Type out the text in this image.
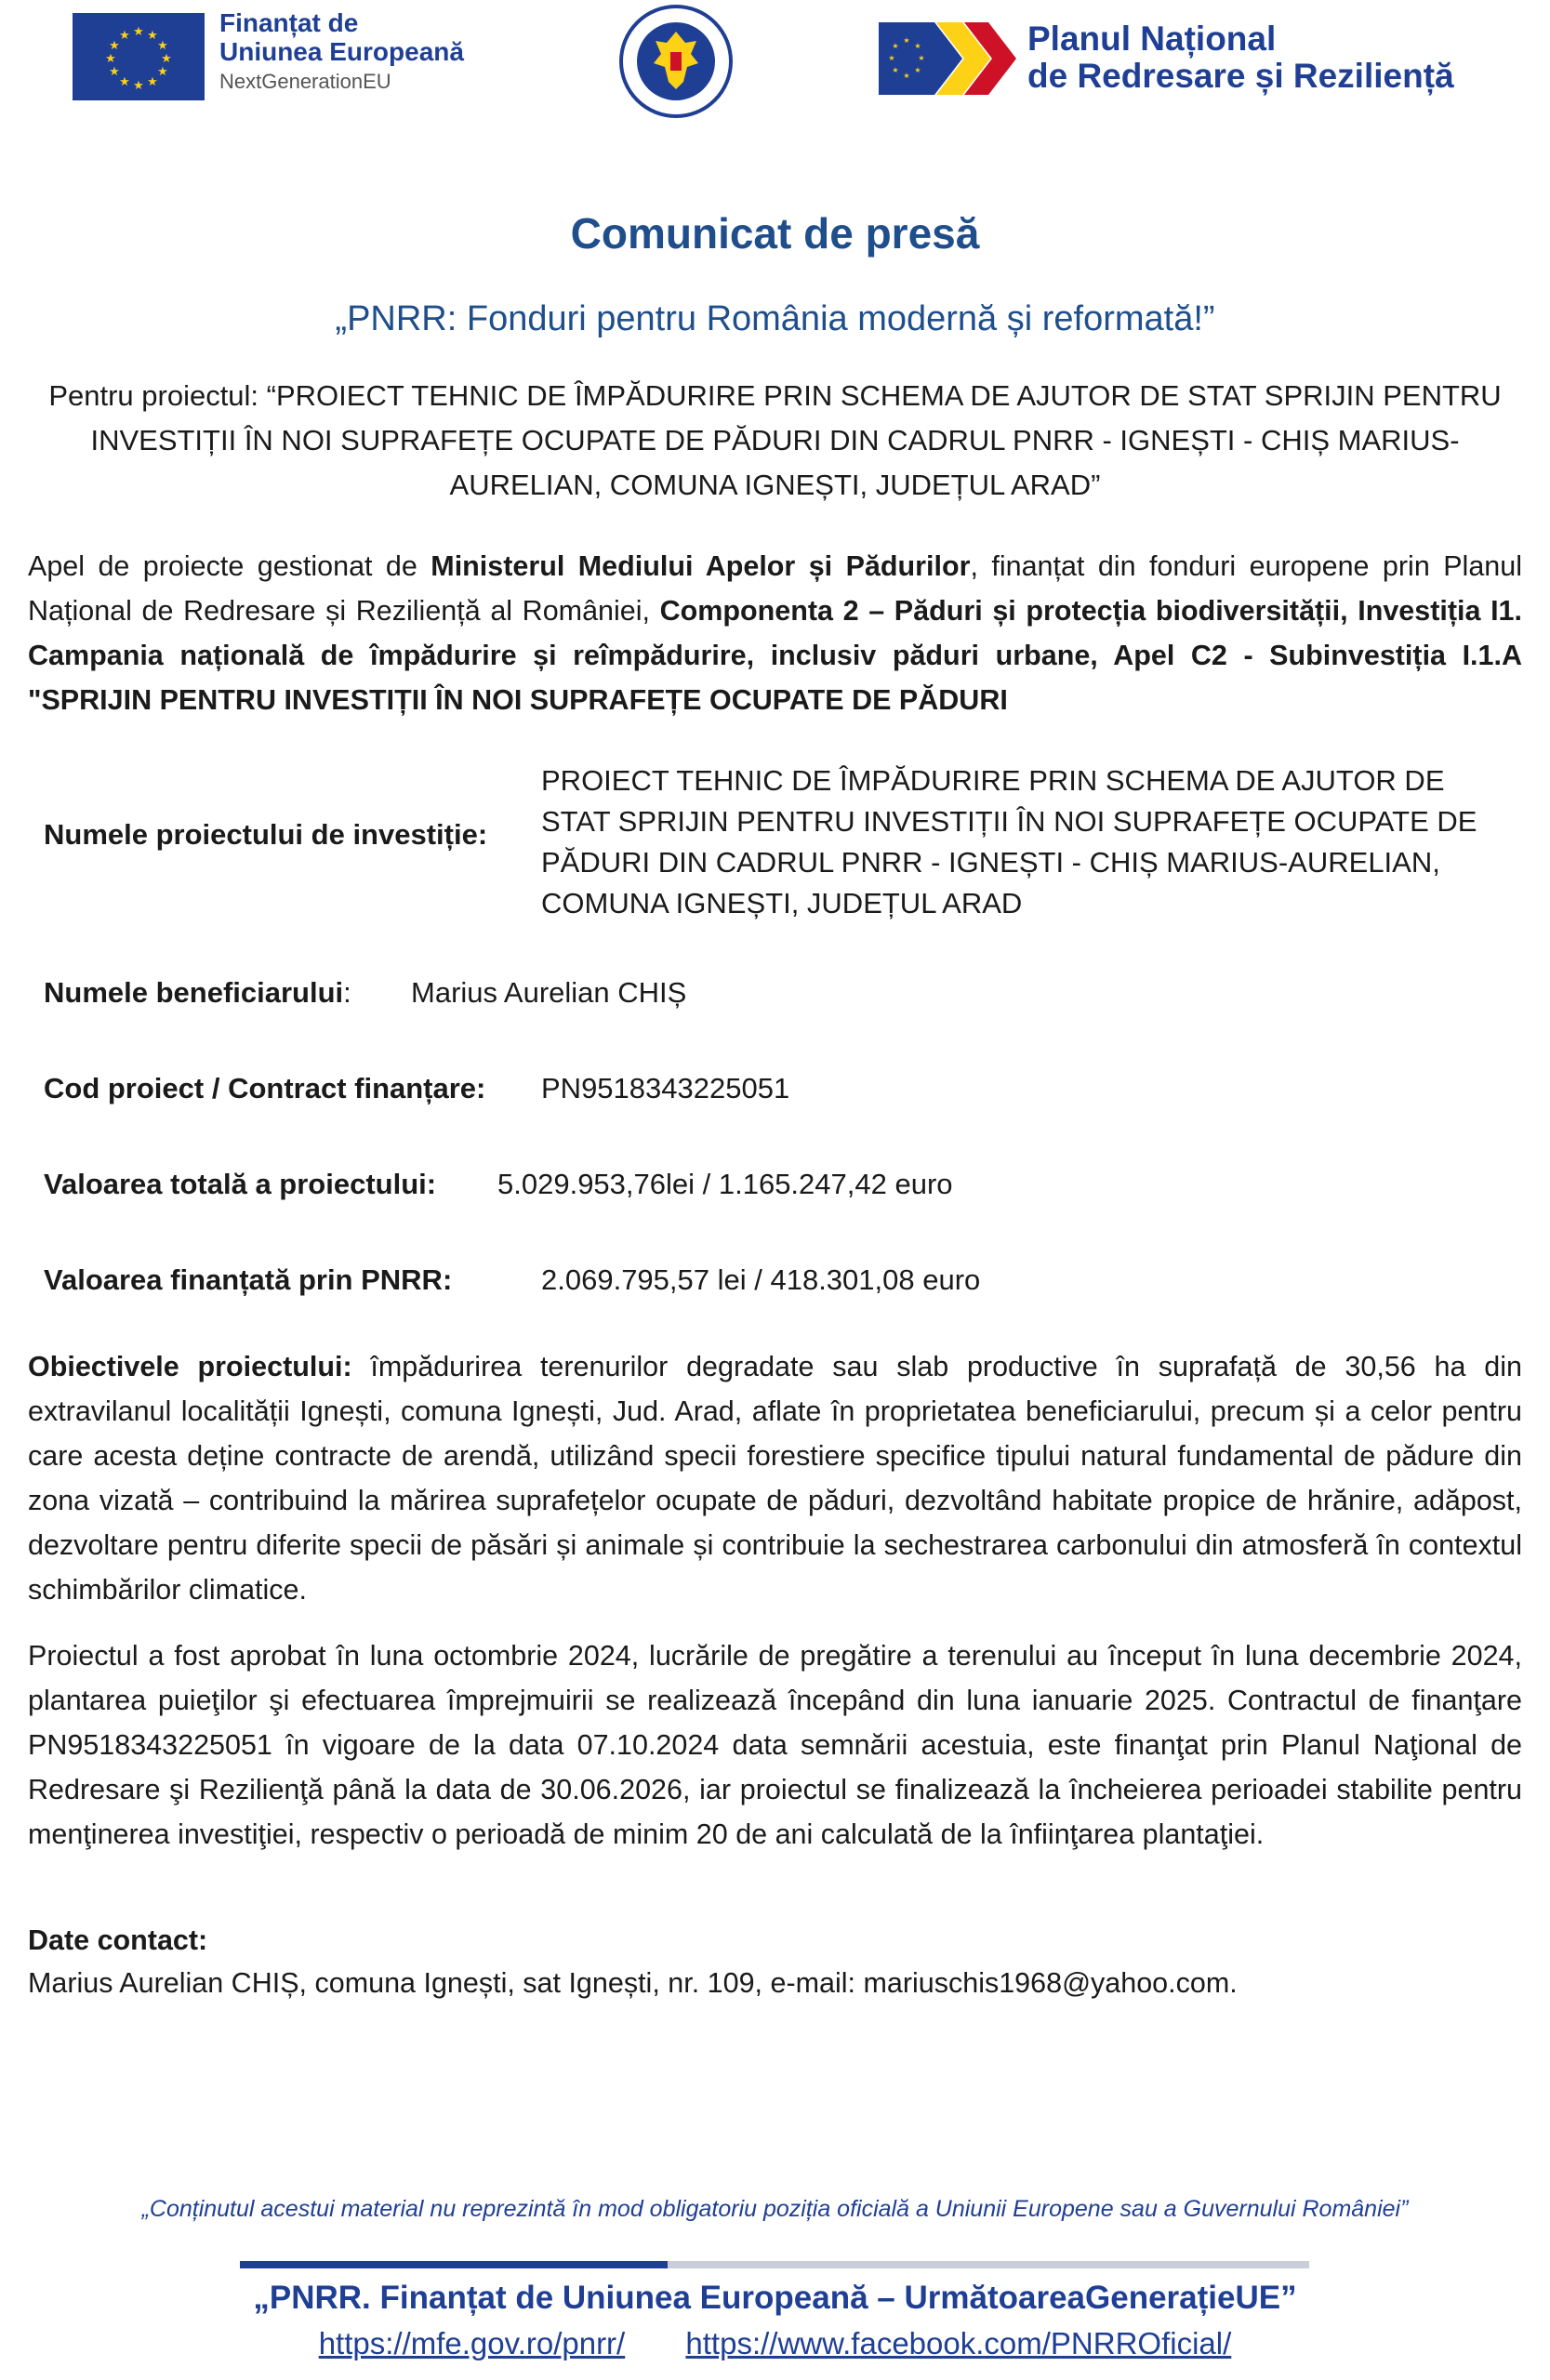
★ ★
★
★
★
★
★
★
★
★
★
★	Finanțat de
Uniunea Europeană
NextGenerationEU
★
★
★
★
★
★
★
★	Planul Național
de Redresare și Reziliență
Comunicat de presă
„PNRR: Fonduri pentru România modernă și reformată!”
Pentru proiectul: “PROIECT TEHNIC DE ÎMPĂDURIRE PRIN SCHEMA DE AJUTOR DE STAT SPRIJIN PENTRU INVESTIȚII ÎN NOI SUPRAFEȚE OCUPATE DE PĂDURI DIN CADRUL PNRR - IGNEȘTI - CHIȘ MARIUS-AURELIAN, COMUNA IGNEȘTI, JUDEȚUL ARAD”
Apel de proiecte gestionat de Ministerul Mediului Apelor și Pădurilor, finanțat din fonduri europene prin Planul Național de Redresare și Reziliență al României, Componenta 2 – Păduri și protecția biodiversității, Investiția I1. Campania națională de împădurire și reîmpădurire, inclusiv păduri urbane, Apel C2 - Subinvestiția I.1.A "SPRIJIN PENTRU INVESTIȚII ÎN NOI SUPRAFEȚE OCUPATE DE PĂDURI
Numele proiectului de investiție:
PROIECT TEHNIC DE ÎMPĂDURIRE PRIN SCHEMA DE AJUTOR DE STAT SPRIJIN PENTRU INVESTIȚII ÎN NOI SUPRAFEȚE OCUPATE DE PĂDURI DIN CADRUL PNRR - IGNEȘTI - CHIȘ MARIUS-AURELIAN, COMUNA IGNEȘTI, JUDEȚUL ARAD
Numele beneficiarului: Marius Aurelian CHIȘ
Cod proiect / Contract finanțare: PN9518343225051
Valoarea totală a proiectului: 5.029.953,76lei / 1.165.247,42 euro
Valoarea finanțată prin PNRR:	2.069.795,57 lei / 418.301,08 euro
Obiectivele proiectului: împădurirea terenurilor degradate sau slab productive în suprafață de 30,56 ha din extravilanul localității Ignești, comuna Ignești, Jud. Arad, aflate în proprietatea beneficiarului, precum și a celor pentru care acesta deține contracte de arendă, utilizând specii forestiere specifice tipului natural fundamental de pădure din zona vizată – contribuind la mărirea suprafețelor ocupate de păduri, dezvoltând habitate propice de hrănire, adăpost, dezvoltare pentru diferite specii de păsări și animale și contribuie la sechestrarea carbonului din atmosferă în contextul schimbărilor climatice.
Proiectul a fost aprobat în luna octombrie 2024, lucrările de pregătire a terenului au început în luna decembrie 2024, plantarea puieţilor şi efectuarea împrejmuirii se realizează începând din luna ianuarie 2025. Contractul de finanţare PN9518343225051 în vigoare de la data 07.10.2024 data semnării acestuia, este finanţat prin Planul Naţional de Redresare şi Rezilienţă până la data de 30.06.2026, iar proiectul se finalizează la încheierea perioadei stabilite pentru menţinerea investiţiei, respectiv o perioadă de minim 20 de ani calculată de la înfiinţarea plantaţiei.
Date contact:
Marius Aurelian CHIȘ, comuna Ignești, sat Ignești, nr. 109, e-mail: mariuschis1968@yahoo.com.
„Conținutul acestui material nu reprezintă în mod obligatoriu poziția oficială a Uniunii Europene sau a Guvernului României”
„PNRR. Finanțat de Uniunea Europeană – UrmătoareaGenerațieUE”
https://mfe.gov.ro/pnrr/ https://www.facebook.com/PNRROficial/
